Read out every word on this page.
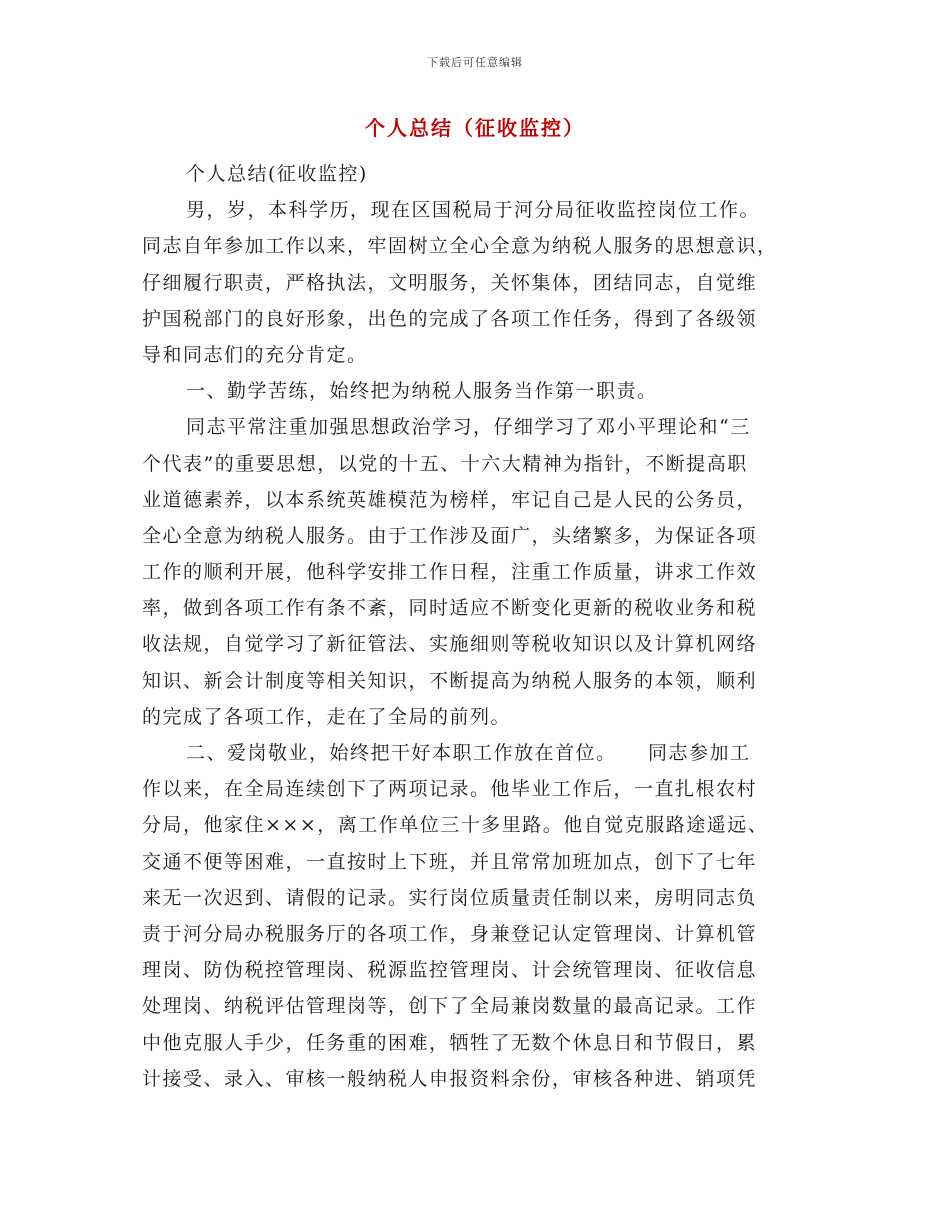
下载后可任意编辑
个人总结（征收监控）
个人总结(征收监控)
男，岁，本科学历，现在区国税局于河分局征收监控岗位工作。
同志自年参加工作以来，牢固树立全心全意为纳税人服务的思想意识，
仔细履行职责，严格执法，文明服务，关怀集体，团结同志，自觉维
护国税部门的良好形象，出色的完成了各项工作任务，得到了各级领
导和同志们的充分肯定。
一、勤学苦练，始终把为纳税人服务当作第一职责。
同志平常注重加强思想政治学习，仔细学习了邓小平理论和“三
个代表”的重要思想，以党的十五、十六大精神为指针，不断提高职
业道德素养，以本系统英雄模范为榜样，牢记自己是人民的公务员，
全心全意为纳税人服务。由于工作涉及面广，头绪繁多，为保证各项
工作的顺利开展，他科学安排工作日程，注重工作质量，讲求工作效
率，做到各项工作有条不紊，同时适应不断变化更新的税收业务和税
收法规，自觉学习了新征管法、实施细则等税收知识以及计算机网络
知识、新会计制度等相关知识，不断提高为纳税人服务的本领，顺利
的完成了各项工作，走在了全局的前列。
二、爱岗敬业，始终把干好本职工作放在首位。　　同志参加工
作以来，在全局连续创下了两项记录。他毕业工作后，一直扎根农村
分局，他家住×××，离工作单位三十多里路。他自觉克服路途遥远、
交通不便等困难，一直按时上下班，并且常常加班加点，创下了七年
来无一次迟到、请假的记录。实行岗位质量责任制以来，房明同志负
责于河分局办税服务厅的各项工作，身兼登记认定管理岗、计算机管
理岗、防伪税控管理岗、税源监控管理岗、计会统管理岗、征收信息
处理岗、纳税评估管理岗等，创下了全局兼岗数量的最高记录。工作
中他克服人手少，任务重的困难，牺牲了无数个休息日和节假日，累
计接受、录入、审核一般纳税人申报资料余份，审核各种进、销项凭
